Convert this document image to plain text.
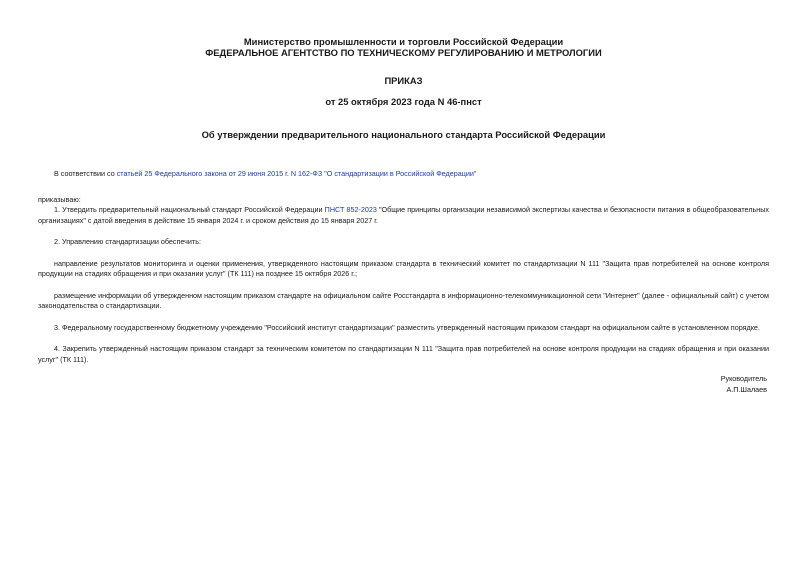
Министерство промышленности и торговли Российской Федерации
ФЕДЕРАЛЬНОЕ АГЕНТСТВО ПО ТЕХНИЧЕСКОМУ РЕГУЛИРОВАНИЮ И МЕТРОЛОГИИ
ПРИКАЗ
от 25 октября 2023 года N 46-пнст
Об утверждении предварительного национального стандарта Российской Федерации
В соответствии со статьей 25 Федерального закона от 29 июня 2015 г. N 162-ФЗ "О стандартизации в Российской Федерации"
приказываю:
1. Утвердить предварительный национальный стандарт Российской Федерации ПНСТ 852-2023 "Общие принципы организации независимой экспертизы качества и безопасности питания в общеобразовательных организациях" с датой введения в действие 15 января 2024 г. и сроком действия до 15 января 2027 г.
2. Управлению стандартизации обеспечить:
направление результатов мониторинга и оценки применения, утвержденного настоящим приказом стандарта в технический комитет по стандартизации N 111 "Защита прав потребителей на основе контроля продукции на стадиях обращения и при оказании услуг" (ТК 111) на позднее 15 октября 2026 г.;
размещение информации об утвержденном настоящим приказом стандарте на официальном сайте Росстандарта в информационно-телекоммуникационной сети "Интернет" (далее - официальный сайт) с учетом законодательства о стандартизации.
3. Федеральному государственному бюджетному учреждению "Российский институт стандартизации" разместить утвержденный настоящим приказом стандарт на официальном сайте в установленном порядке.
4. Закрепить утвержденный настоящим приказом стандарт за техническим комитетом по стандартизации N 111 "Защита прав потребителей на основе контроля продукции на стадиях обращения и при оказании услуг" (ТК 111).
Руководитель
А.П.Шалаев
